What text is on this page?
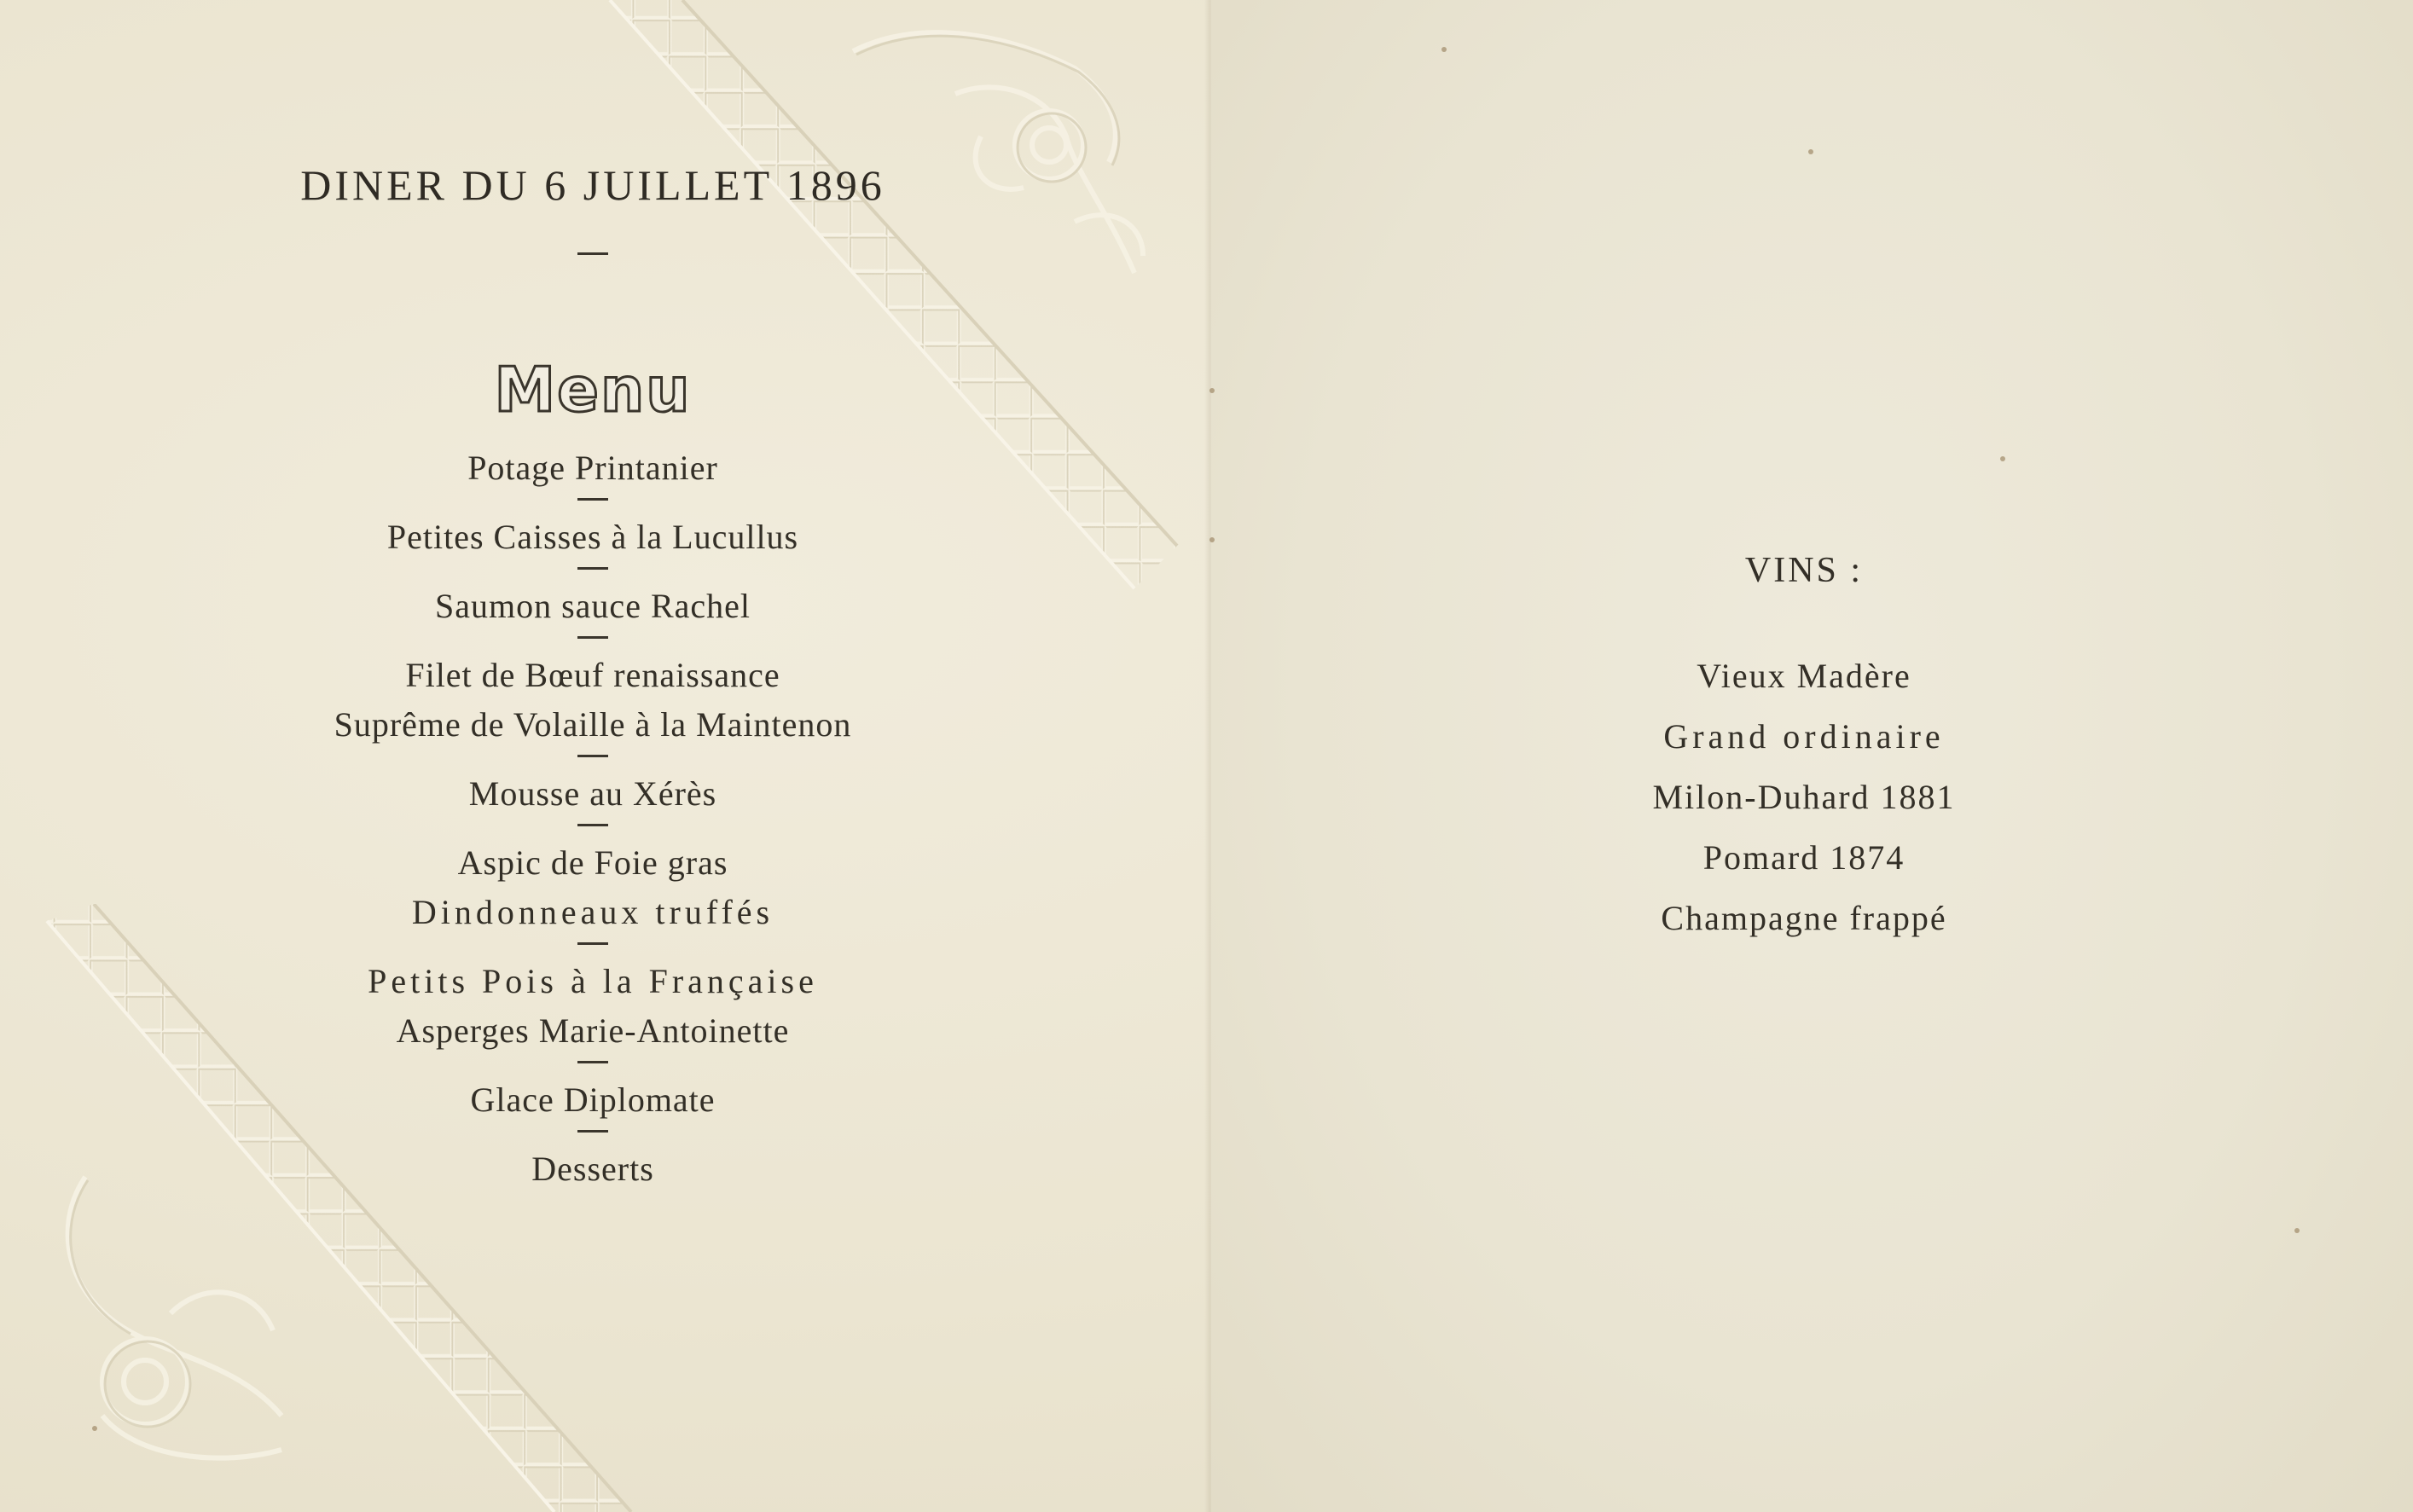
DINER DU 6 JUILLET 1896
Menu
Potage Printanier
Petites Caisses à la Lucullus
Saumon sauce Rachel
Filet de Bœuf renaissance
Suprême de Volaille à la Maintenon
Mousse au Xérès
Aspic de Foie gras
Dindonneaux truffés
Petits Pois à la Française
Asperges Marie-Antoinette
Glace Diplomate
Desserts
VINS :
Vieux Madère
Grand ordinaire
Milon-Duhard 1881
Pomard 1874
Champagne frappé
